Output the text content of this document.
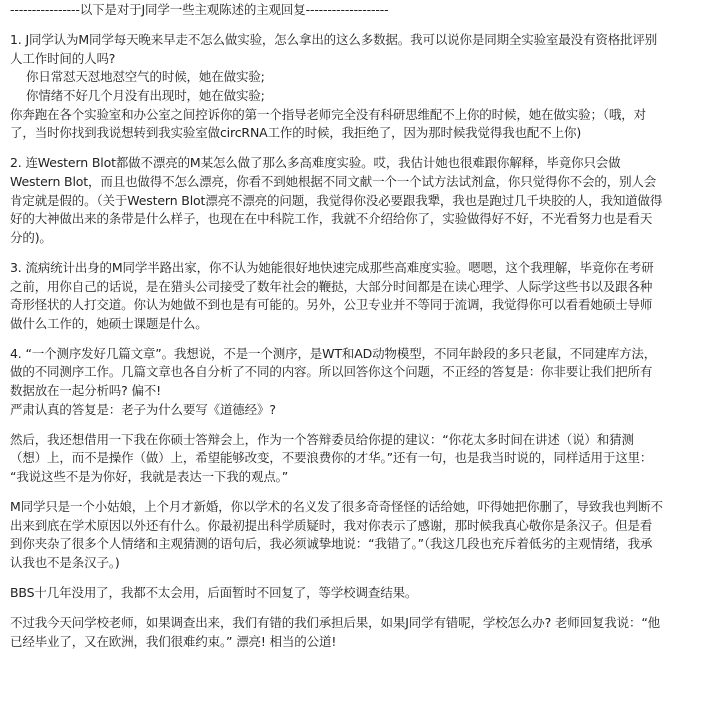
----------------以下是对于J同学一些主观陈述的主观回复-------------------
1. J同学认为M同学每天晚来早走不怎么做实验，怎么拿出的这么多数据。我可以说你是同期全实验室最没有资格批评别
人工作时间的人吗?
你日常怼天怼地怼空气的时候，她在做实验;
你情绪不好几个月没有出现时，她在做实验;
你奔跑在各个实验室和办公室之间控诉你的第一个指导老师完全没有科研思维配不上你的时候，她在做实验；（哦，对
了，当时你找到我说想转到我实验室做circRNA工作的时候，我拒绝了，因为那时候我觉得我也配不上你)
2. 连Western Blot都做不漂亮的M某怎么做了那么多高难度实验。哎，我估计她也很难跟你解释，毕竟你只会做
Western Blot，而且也做得不怎么漂亮，你看不到她根据不同文献一个一个试方法试剂盒，你只觉得你不会的，别人会
肯定就是假的。（关于Western Blot漂亮不漂亮的问题，我觉得你没必要跟我犟，我也是跑过几千块胶的人，我知道做得
好的大神做出来的条带是什么样子，也现在在中科院工作，我就不介绍给你了，实验做得好不好，不光看努力也是看天
分的)。
3. 流病统计出身的M同学半路出家，你不认为她能很好地快速完成那些高难度实验。嗯嗯，这个我理解，毕竟你在考研
之前，用你自己的话说，是在猎头公司接受了数年社会的鞭挞，大部分时间都是在读心理学、人际学这些书以及跟各种
奇形怪状的人打交道。你认为她做不到也是有可能的。另外，公卫专业并不等同于流调，我觉得你可以看看她硕士导师
做什么工作的，她硕士课题是什么。
4. “一个测序发好几篇文章”。我想说，不是一个测序，是WT和AD动物模型，不同年龄段的多只老鼠，不同建库方法，
做的不同测序工作。几篇文章也各自分析了不同的内容。所以回答你这个问题，不正经的答复是：你非要让我们把所有
数据放在一起分析吗? 偏不!
严肃认真的答复是：老子为什么要写《道德经》?
然后，我还想借用一下我在你硕士答辩会上，作为一个答辩委员给你提的建议：“你花太多时间在讲述（说）和猜测
（想）上，而不是操作（做）上，希望能够改变，不要浪费你的才华。”还有一句，也是我当时说的，同样适用于这里：
“我说这些不是为你好，我就是表达一下我的观点。”
M同学只是一个小姑娘，上个月才新婚，你以学术的名义发了很多奇奇怪怪的话给她，吓得她把你删了，导致我也判断不
出来到底在学术原因以外还有什么。你最初提出科学质疑时，我对你表示了感谢，那时候我真心敬你是条汉子。但是看
到你夹杂了很多个人情绪和主观猜测的语句后，我必须诚挚地说：“我错了。”（我这几段也充斥着低劣的主观情绪，我承
认我也不是条汉子。)
BBS十几年没用了，我都不太会用，后面暂时不回复了，等学校调查结果。
不过我今天问学校老师，如果调查出来，我们有错的我们承担后果，如果J同学有错呢，学校怎么办? 老师回复我说：“他
已经毕业了，又在欧洲，我们很难约束。” 漂亮! 相当的公道!
